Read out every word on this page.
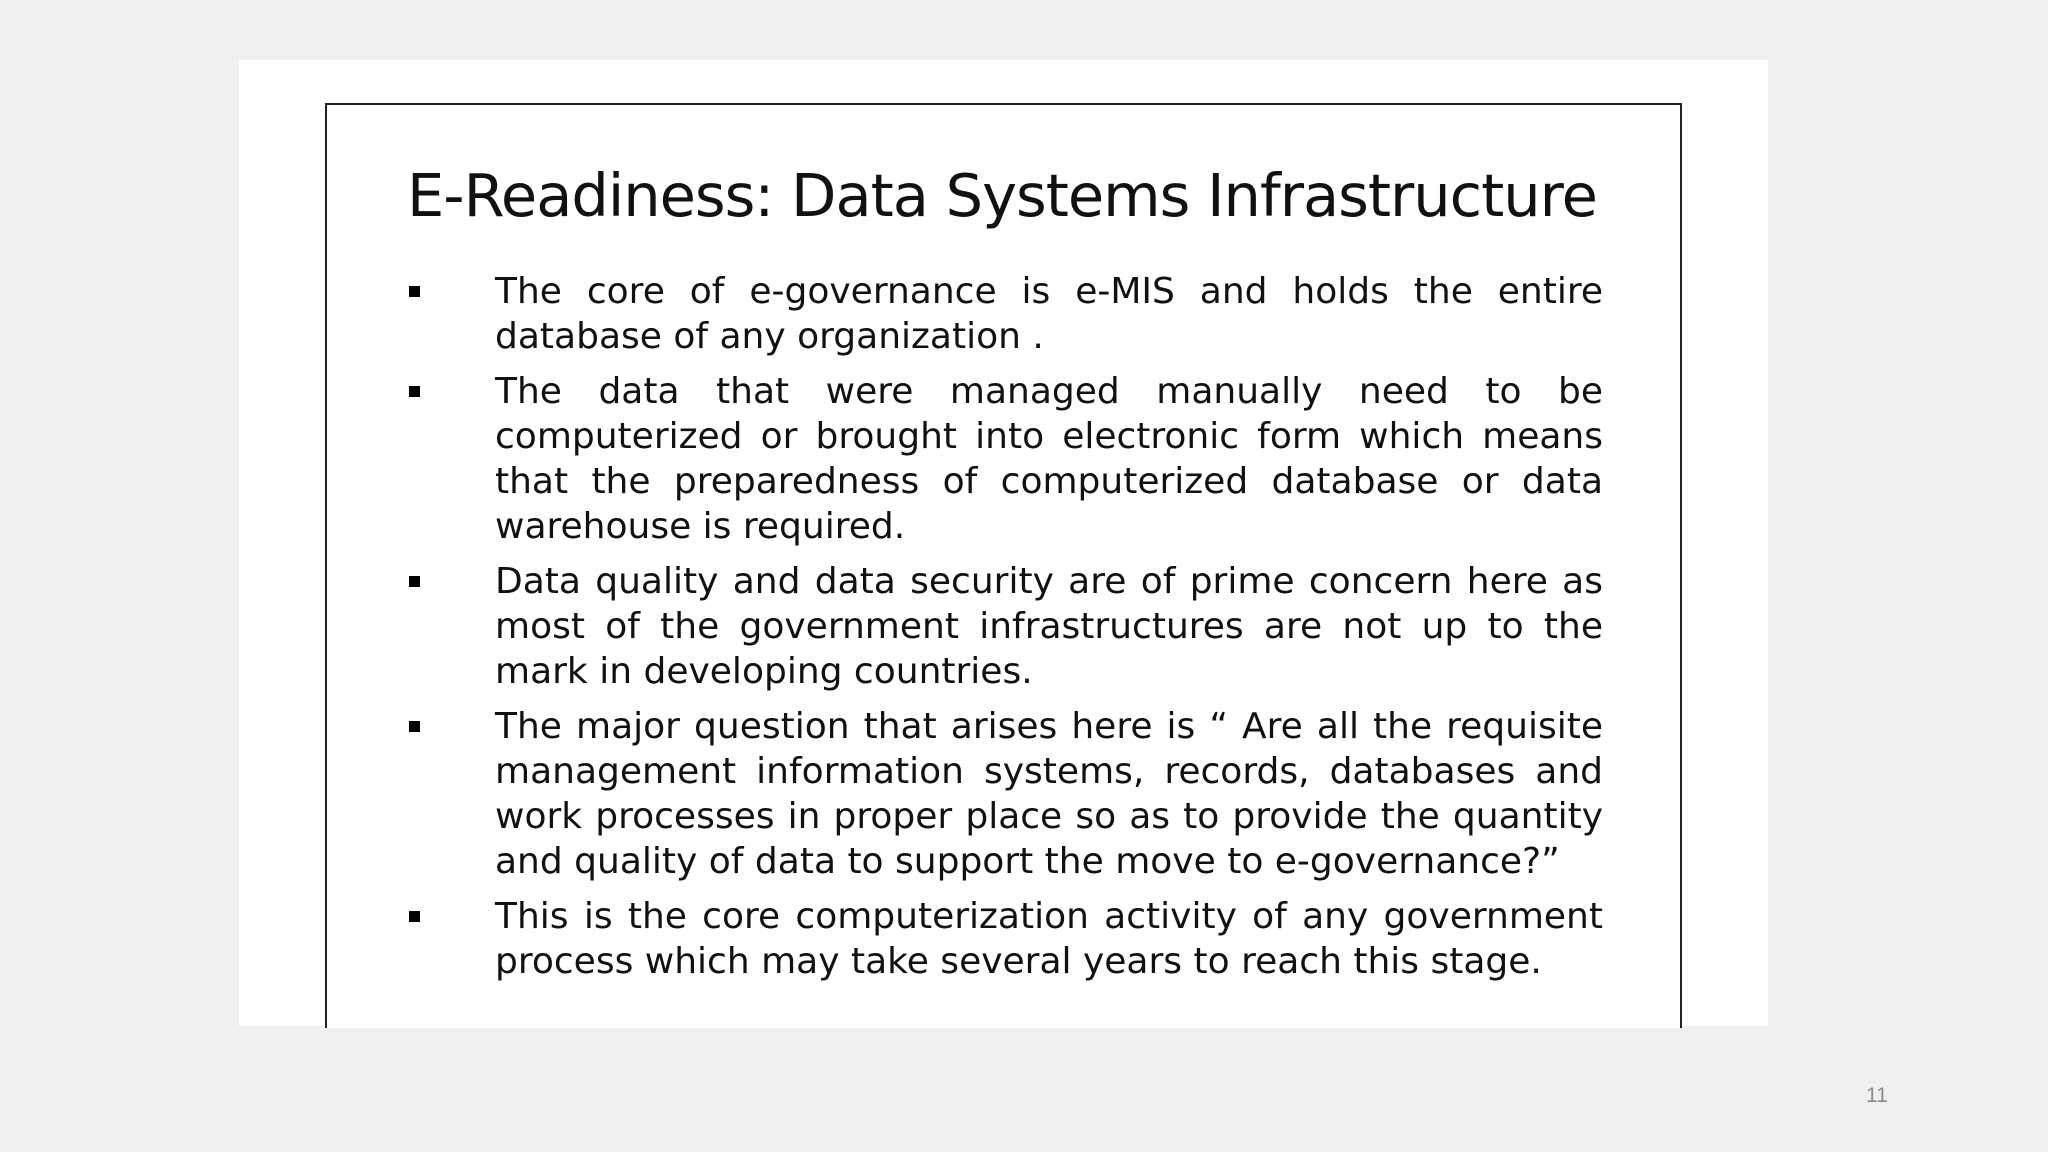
E-Readiness: Data Systems Infrastructure
The core of e-governance is e-MIS and holds the entire database of any organization .
The data that were managed manually need to be computerized or brought into electronic form which means that the preparedness of computerized database or data warehouse is required.
Data quality and data security are of prime concern here as most of the government infrastructures are not up to the mark in developing countries.
The major question that arises here is “ Are all the requisite management information systems, records, databases and work processes in proper place so as to provide the quantity and quality of data to support the move to e-governance?”
This is the core computerization activity of any government process which may take several years to reach this stage.
11
